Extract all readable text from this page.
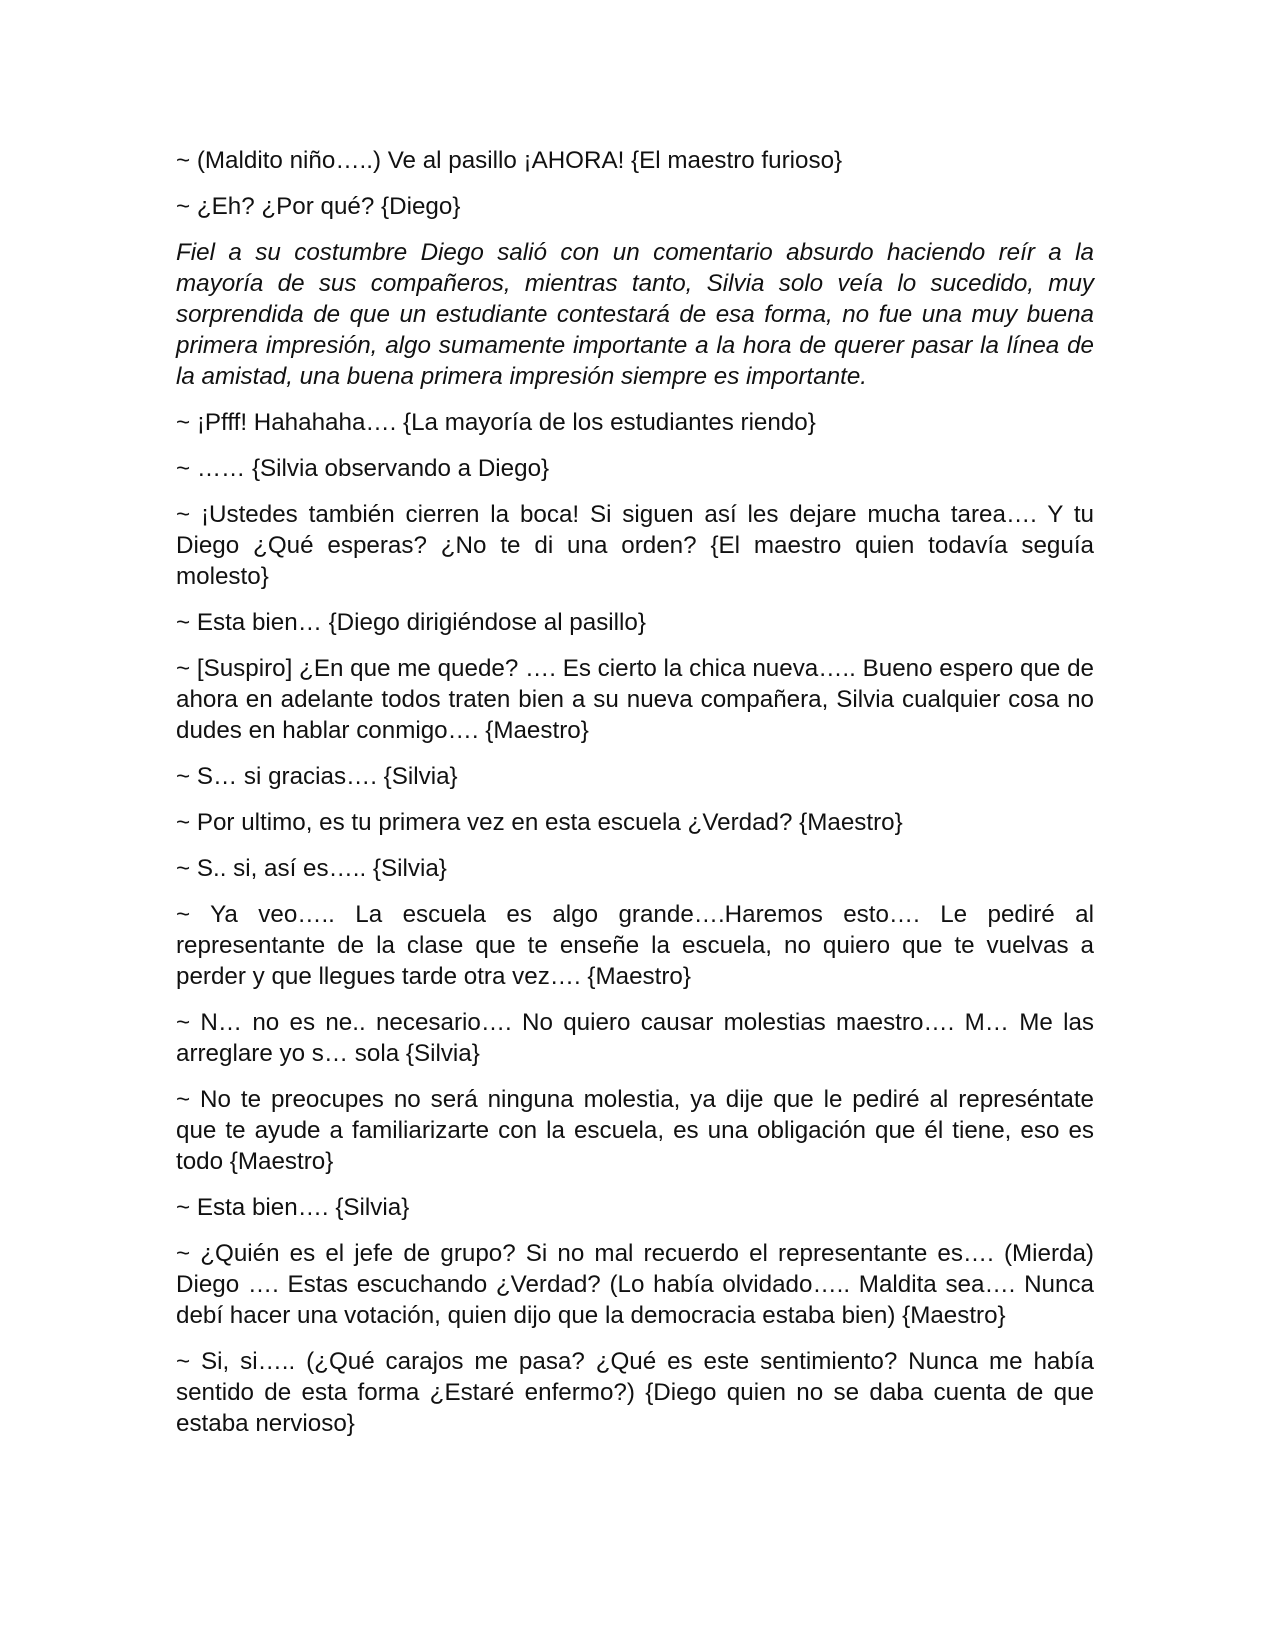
~ (Maldito niño…..) Ve al pasillo ¡AHORA! {El maestro furioso}

~ ¿Eh? ¿Por qué? {Diego}

Fiel a su costumbre Diego salió con un comentario absurdo haciendo reír a la mayoría de sus compañeros, mientras tanto, Silvia solo veía lo sucedido, muy sorprendida de que un estudiante contestará de esa forma, no fue una muy buena primera impresión, algo sumamente importante a la hora de querer pasar la línea de la amistad, una buena primera impresión siempre es importante.

~ ¡Pfff! Hahahaha…. {La mayoría de los estudiantes riendo}

~ …… {Silvia observando a Diego}

~ ¡Ustedes también cierren la boca! Si siguen así les dejare mucha tarea…. Y tu Diego ¿Qué esperas? ¿No te di una orden? {El maestro quien todavía seguía molesto}

~ Esta bien… {Diego dirigiéndose al pasillo}

~ [Suspiro] ¿En que me quede? …. Es cierto la chica nueva….. Bueno espero que de ahora en adelante todos traten bien a su nueva compañera, Silvia cualquier cosa no dudes en hablar conmigo…. {Maestro}

~ S… si gracias…. {Silvia}

~ Por ultimo, es tu primera vez en esta escuela ¿Verdad? {Maestro}

~ S.. si, así es….. {Silvia}

~ Ya veo….. La escuela es algo grande….Haremos esto…. Le pediré al representante de la clase que te enseñe la escuela, no quiero que te vuelvas a perder y que llegues tarde otra vez…. {Maestro}

~ N… no es ne.. necesario…. No quiero causar molestias maestro…. M… Me las arreglare yo s… sola {Silvia}

~ No te preocupes no será ninguna molestia, ya dije que le pediré al represéntate que te ayude a familiarizarte con la escuela, es una obligación que él tiene, eso es todo {Maestro}

~ Esta bien…. {Silvia}

~ ¿Quién es el jefe de grupo? Si no mal recuerdo el representante es…. (Mierda) Diego …. Estas escuchando ¿Verdad? (Lo había olvidado….. Maldita sea…. Nunca debí hacer una votación, quien dijo que la democracia estaba bien) {Maestro}

~ Si, si….. (¿Qué carajos me pasa? ¿Qué es este sentimiento? Nunca me había sentido de esta forma ¿Estaré enfermo?) {Diego quien no se daba cuenta de que estaba nervioso}
